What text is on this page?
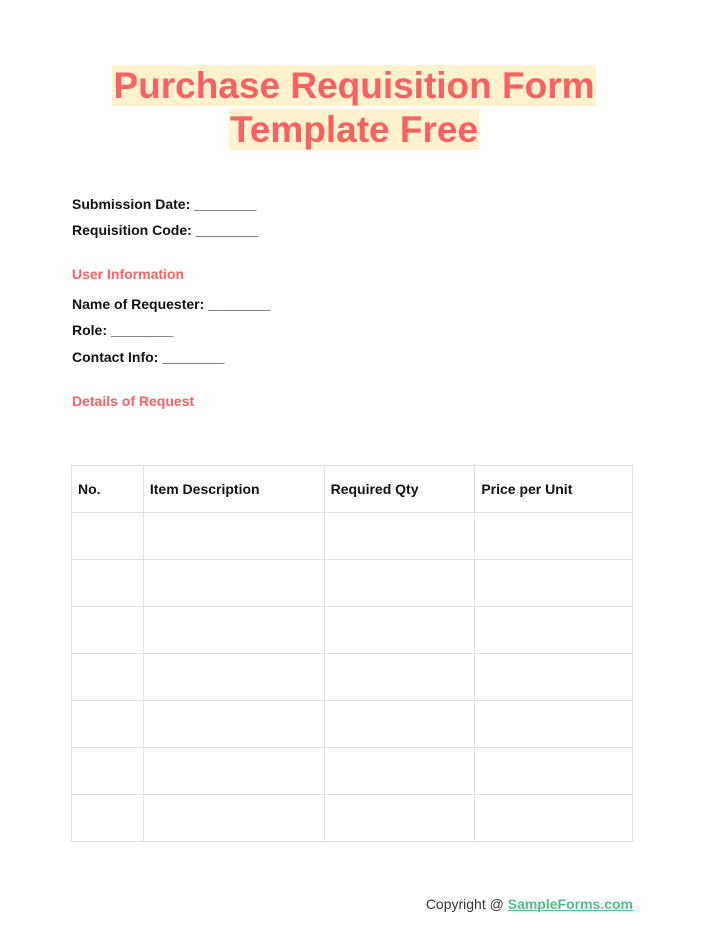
Purchase Requisition Form
Template Free
Submission Date: ________
Requisition Code: ________
User Information
Name of Requester: ________
Role: ________
Contact Info: ________
Details of Request
No.	Item Description	Required Qty	Price per Unit

Copyright @ SampleForms.com
